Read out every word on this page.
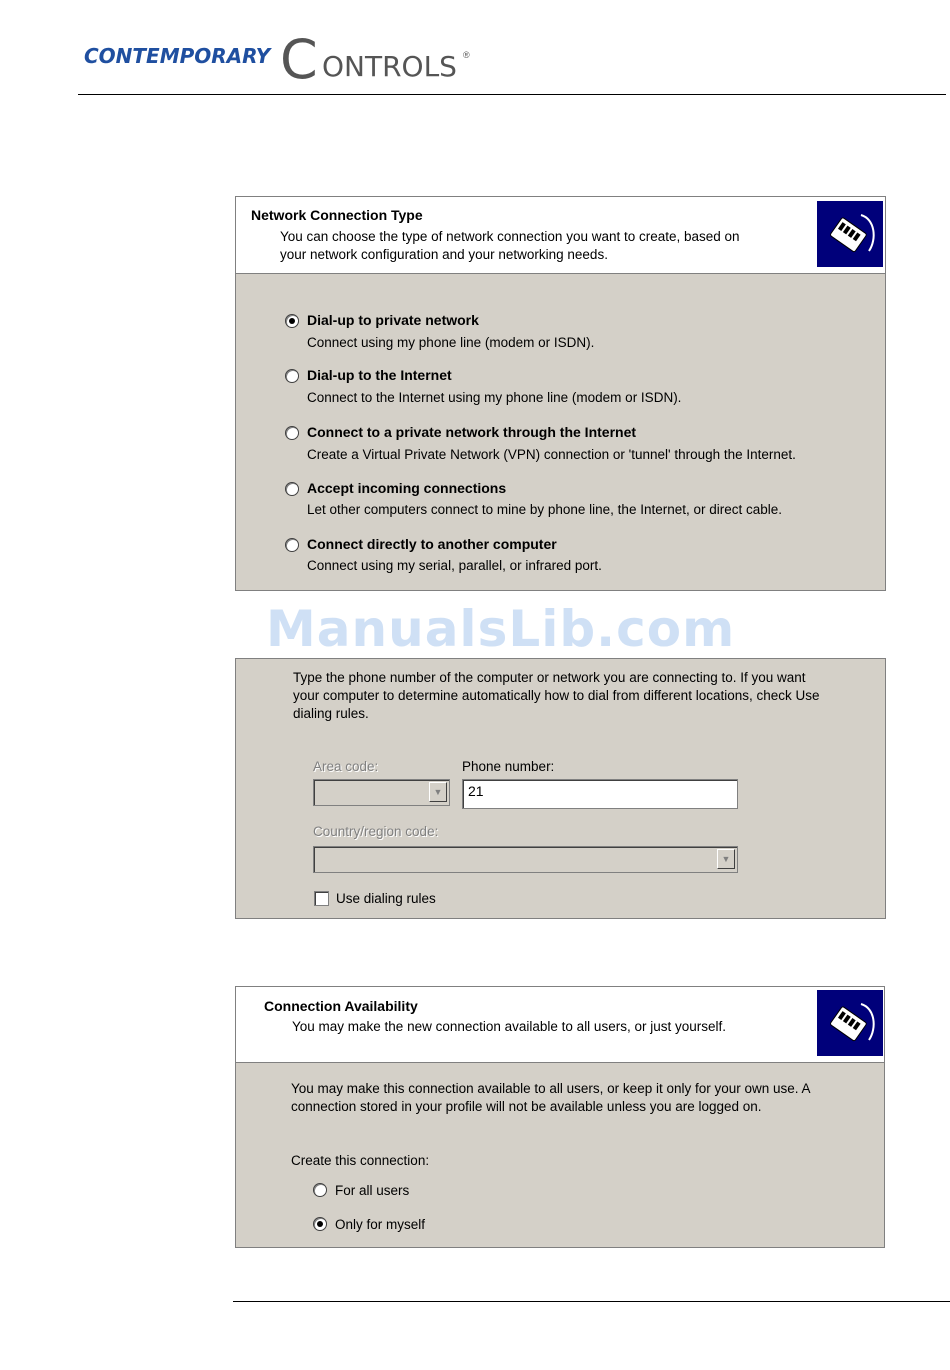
CONTEMPORARY C ONTROLS ®
Network Connection Type
You can choose the type of network connection you want to create, based on
your network configuration and your networking needs.
Dial-up to private network
Connect using my phone line (modem or ISDN).
Dial-up to the Internet
Connect to the Internet using my phone line (modem or ISDN).
Connect to a private network through the Internet
Create a Virtual Private Network (VPN) connection or 'tunnel' through the Internet.
Accept incoming connections
Let other computers connect to mine by phone line, the Internet, or direct cable.
Connect directly to another computer
Connect using my serial, parallel, or infrared port.
ManualsLib.com
Type the phone number of the computer or network you are connecting to. If you want
your computer to determine automatically how to dial from different locations, check Use
dialing rules.
Area code:
▼
Phone number:
21
Country/region code:
▼
Use dialing rules
Connection Availability
You may make the new connection available to all users, or just yourself.
You may make this connection available to all users, or keep it only for your own use. A
connection stored in your profile will not be available unless you are logged on.
Create this connection:
For all users
Only for myself
